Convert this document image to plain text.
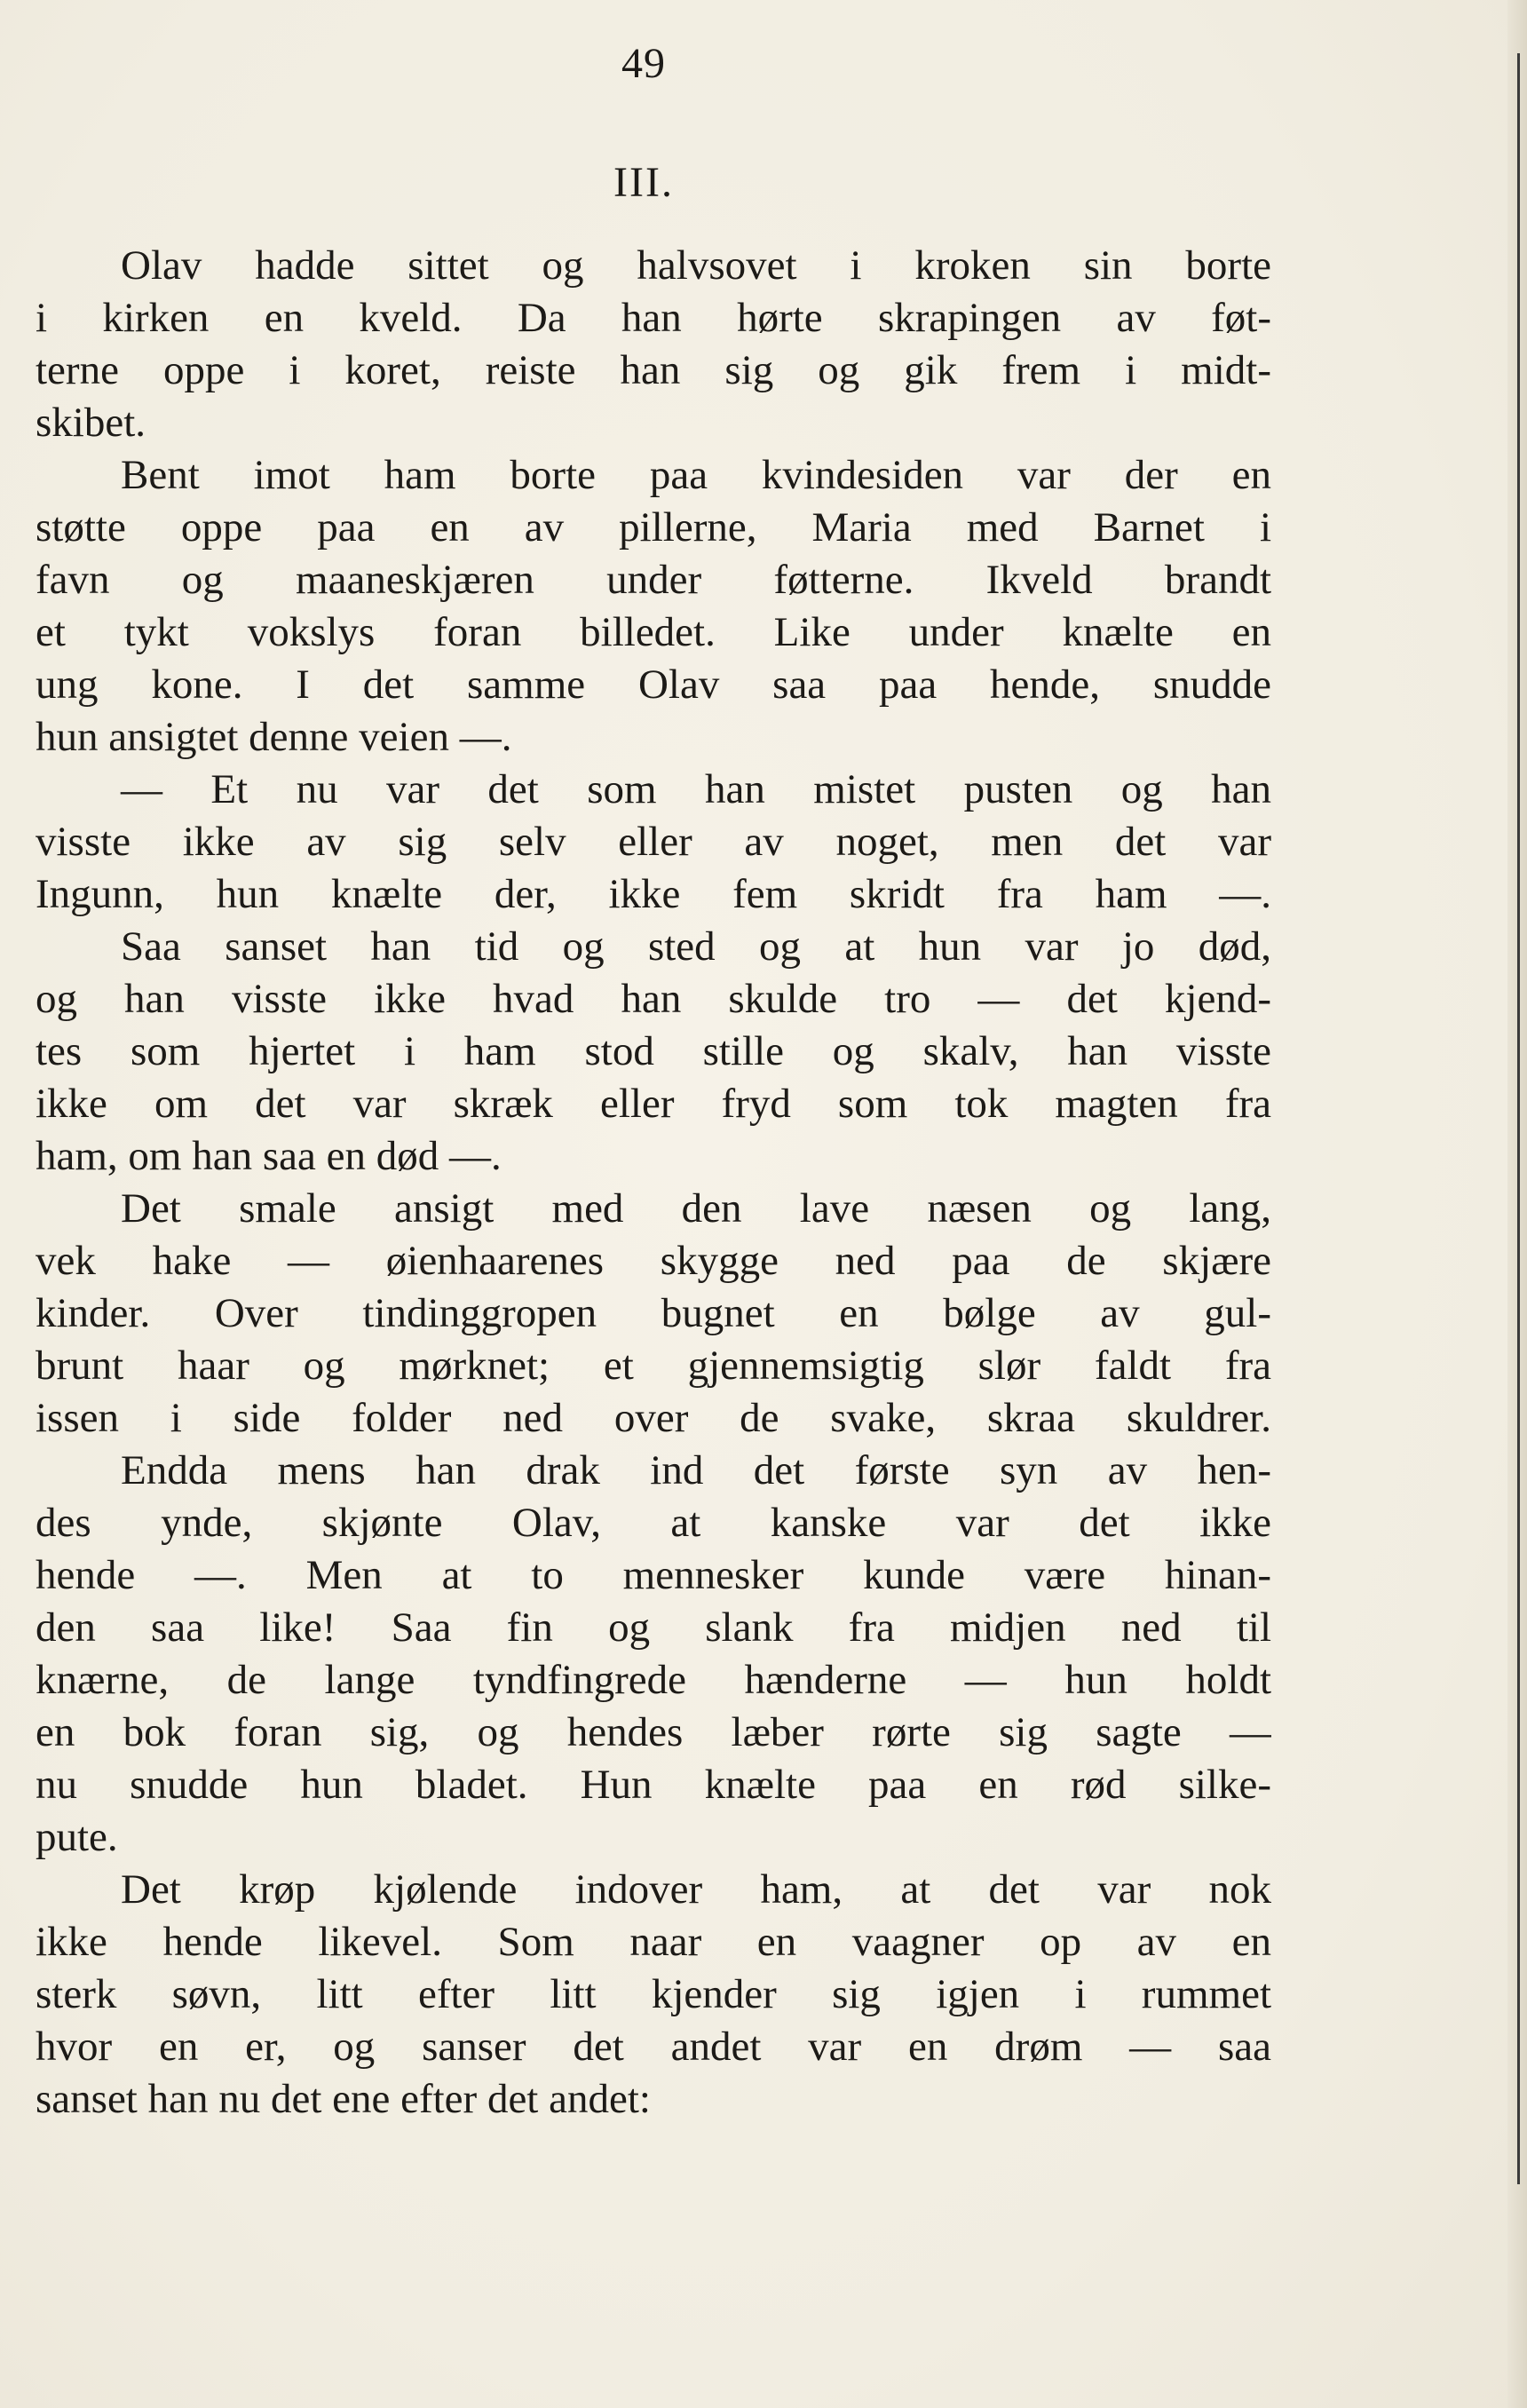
49
III.
Olav hadde sittet og halvsovet i kroken sin borte
i kirken en kveld. Da han hørte skrapingen av føt-
terne oppe i koret, reiste han sig og gik frem i midt-
skibet.
Bent imot ham borte paa kvindesiden var der en
støtte oppe paa en av pillerne, Maria med Barnet i
favn og maaneskjæren under føtterne. Ikveld brandt
et tykt vokslys foran billedet. Like under knælte en
ung kone. I det samme Olav saa paa hende, snudde
hun ansigtet denne veien —.
— Et nu var det som han mistet pusten og han
visste ikke av sig selv eller av noget, men det var
Ingunn, hun knælte der, ikke fem skridt fra ham —.
Saa sanset han tid og sted og at hun var jo død,
og han visste ikke hvad han skulde tro — det kjend-
tes som hjertet i ham stod stille og skalv, han visste
ikke om det var skræk eller fryd som tok magten fra
ham, om han saa en død —.
Det smale ansigt med den lave næsen og lang,
vek hake — øienhaarenes skygge ned paa de skjære
kinder. Over tindinggropen bugnet en bølge av gul-
brunt haar og mørknet; et gjennemsigtig slør faldt fra
issen i side folder ned over de svake, skraa skuldrer.
Endda mens han drak ind det første syn av hen-
des ynde, skjønte Olav, at kanske var det ikke
hende —. Men at to mennesker kunde være hinan-
den saa like! Saa fin og slank fra midjen ned til
knærne, de lange tyndfingrede hænderne — hun holdt
en bok foran sig, og hendes læber rørte sig sagte —
nu snudde hun bladet. Hun knælte paa en rød silke-
pute.
Det krøp kjølende indover ham, at det var nok
ikke hende likevel. Som naar en vaagner op av en
sterk søvn, litt efter litt kjender sig igjen i rummet
hvor en er, og sanser det andet var en drøm — saa
sanset han nu det ene efter det andet:
